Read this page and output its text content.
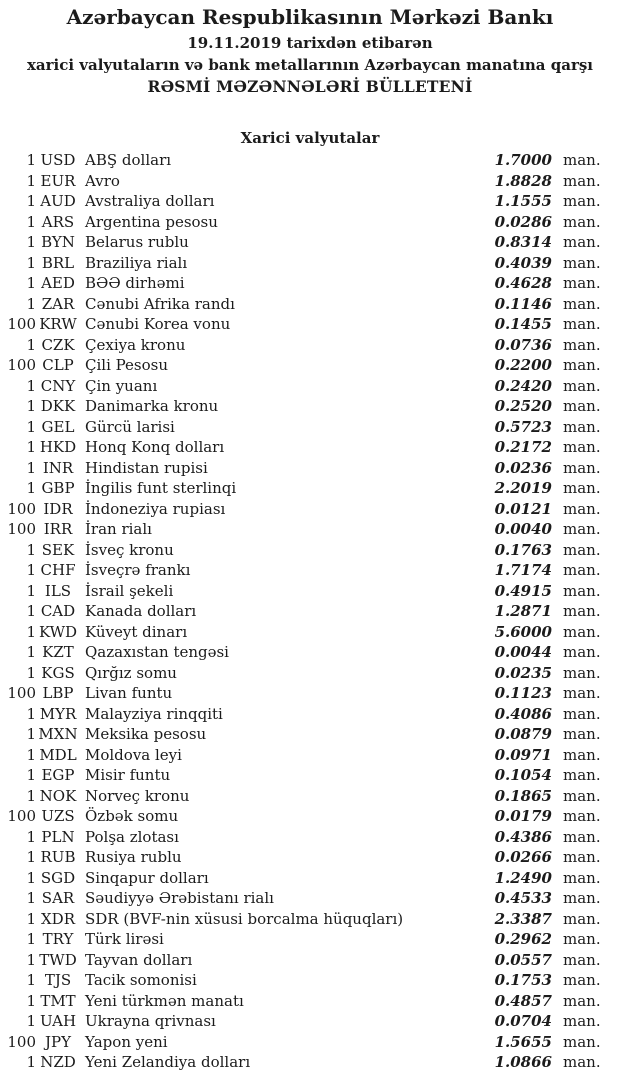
Azərbaycan Respublikasının Mərkəzi Bankı
19.11.2019 tarixdən etibarən
xarici valyutaların və bank metallarının Azərbaycan manatına qarşı
RƏSMİ MƏZƏNNƏLƏRİ BÜLLETENİ
Xarici valyutalar
1 USD ABŞ dolları	1.7000 man.
1 EUR Avro	1.8828 man.
1 AUD Avstraliya dolları	1.1555 man.
1 ARS Argentina pesosu	0.0286 man.
1 BYN Belarus rublu	0.8314 man.
1 BRL Braziliya rialı	0.4039 man.
1 AED BƏƏ dirhəmi	0.4628 man.
1 ZAR Cənubi Afrika randı	0.1146 man.
100 KRW Cənubi Korea vonu	0.1455 man.
1 CZK Çexiya kronu	0.0736 man.
100 CLP Çili Pesosu	0.2200 man.
1 CNY Çin yuanı	0.2420 man.
1 DKK Danimarka kronu	0.2520 man.
1 GEL Gürcü larisi	0.5723 man.
1 HKD Honq Konq dolları	0.2172 man.
1 INR Hindistan rupisi	0.0236 man.
1 GBP İngilis funt sterlinqi	2.2019 man.
100 IDR İndoneziya rupiası	0.0121 man.
100 IRR İran rialı	0.0040 man.
1 SEK İsveç kronu	0.1763 man.
1 CHF İsveçrə frankı	1.7174 man.
1 ILS İsrail şekeli	0.4915 man.
1 CAD Kanada dolları	1.2871 man.
1 KWD Küveyt dinarı	5.6000 man.
1 KZT Qazaxıstan tengəsi	0.0044 man.
1 KGS Qırğız somu	0.0235 man.
100 LBP Livan funtu	0.1123 man.
1 MYR Malayziya rinqqiti	0.4086 man.
1 MXN Meksika pesosu	0.0879 man.
1 MDL Moldova leyi	0.0971 man.
1 EGP Misir funtu	0.1054 man.
1 NOK Norveç kronu	0.1865 man.
100 UZS Özbək somu	0.0179 man.
1 PLN Polşa zlotası	0.4386 man.
1 RUB Rusiya rublu	0.0266 man.
1 SGD Sinqapur dolları	1.2490 man.
1 SAR Səudiyyə Ərəbistanı rialı	0.4533 man.
1 XDR SDR (BVF-nin xüsusi borcalma hüquqları)	2.3387 man.
1 TRY Türk lirəsi	0.2962 man.
1 TWD Tayvan dolları	0.0557 man.
1 TJS Tacik somonisi	0.1753 man.
1 TMT Yeni türkmən manatı	0.4857 man.
1 UAH Ukrayna qrivnası	0.0704 man.
100 JPY Yapon yeni	1.5655 man.
1 NZD Yeni Zelandiya dolları	1.0866 man.
